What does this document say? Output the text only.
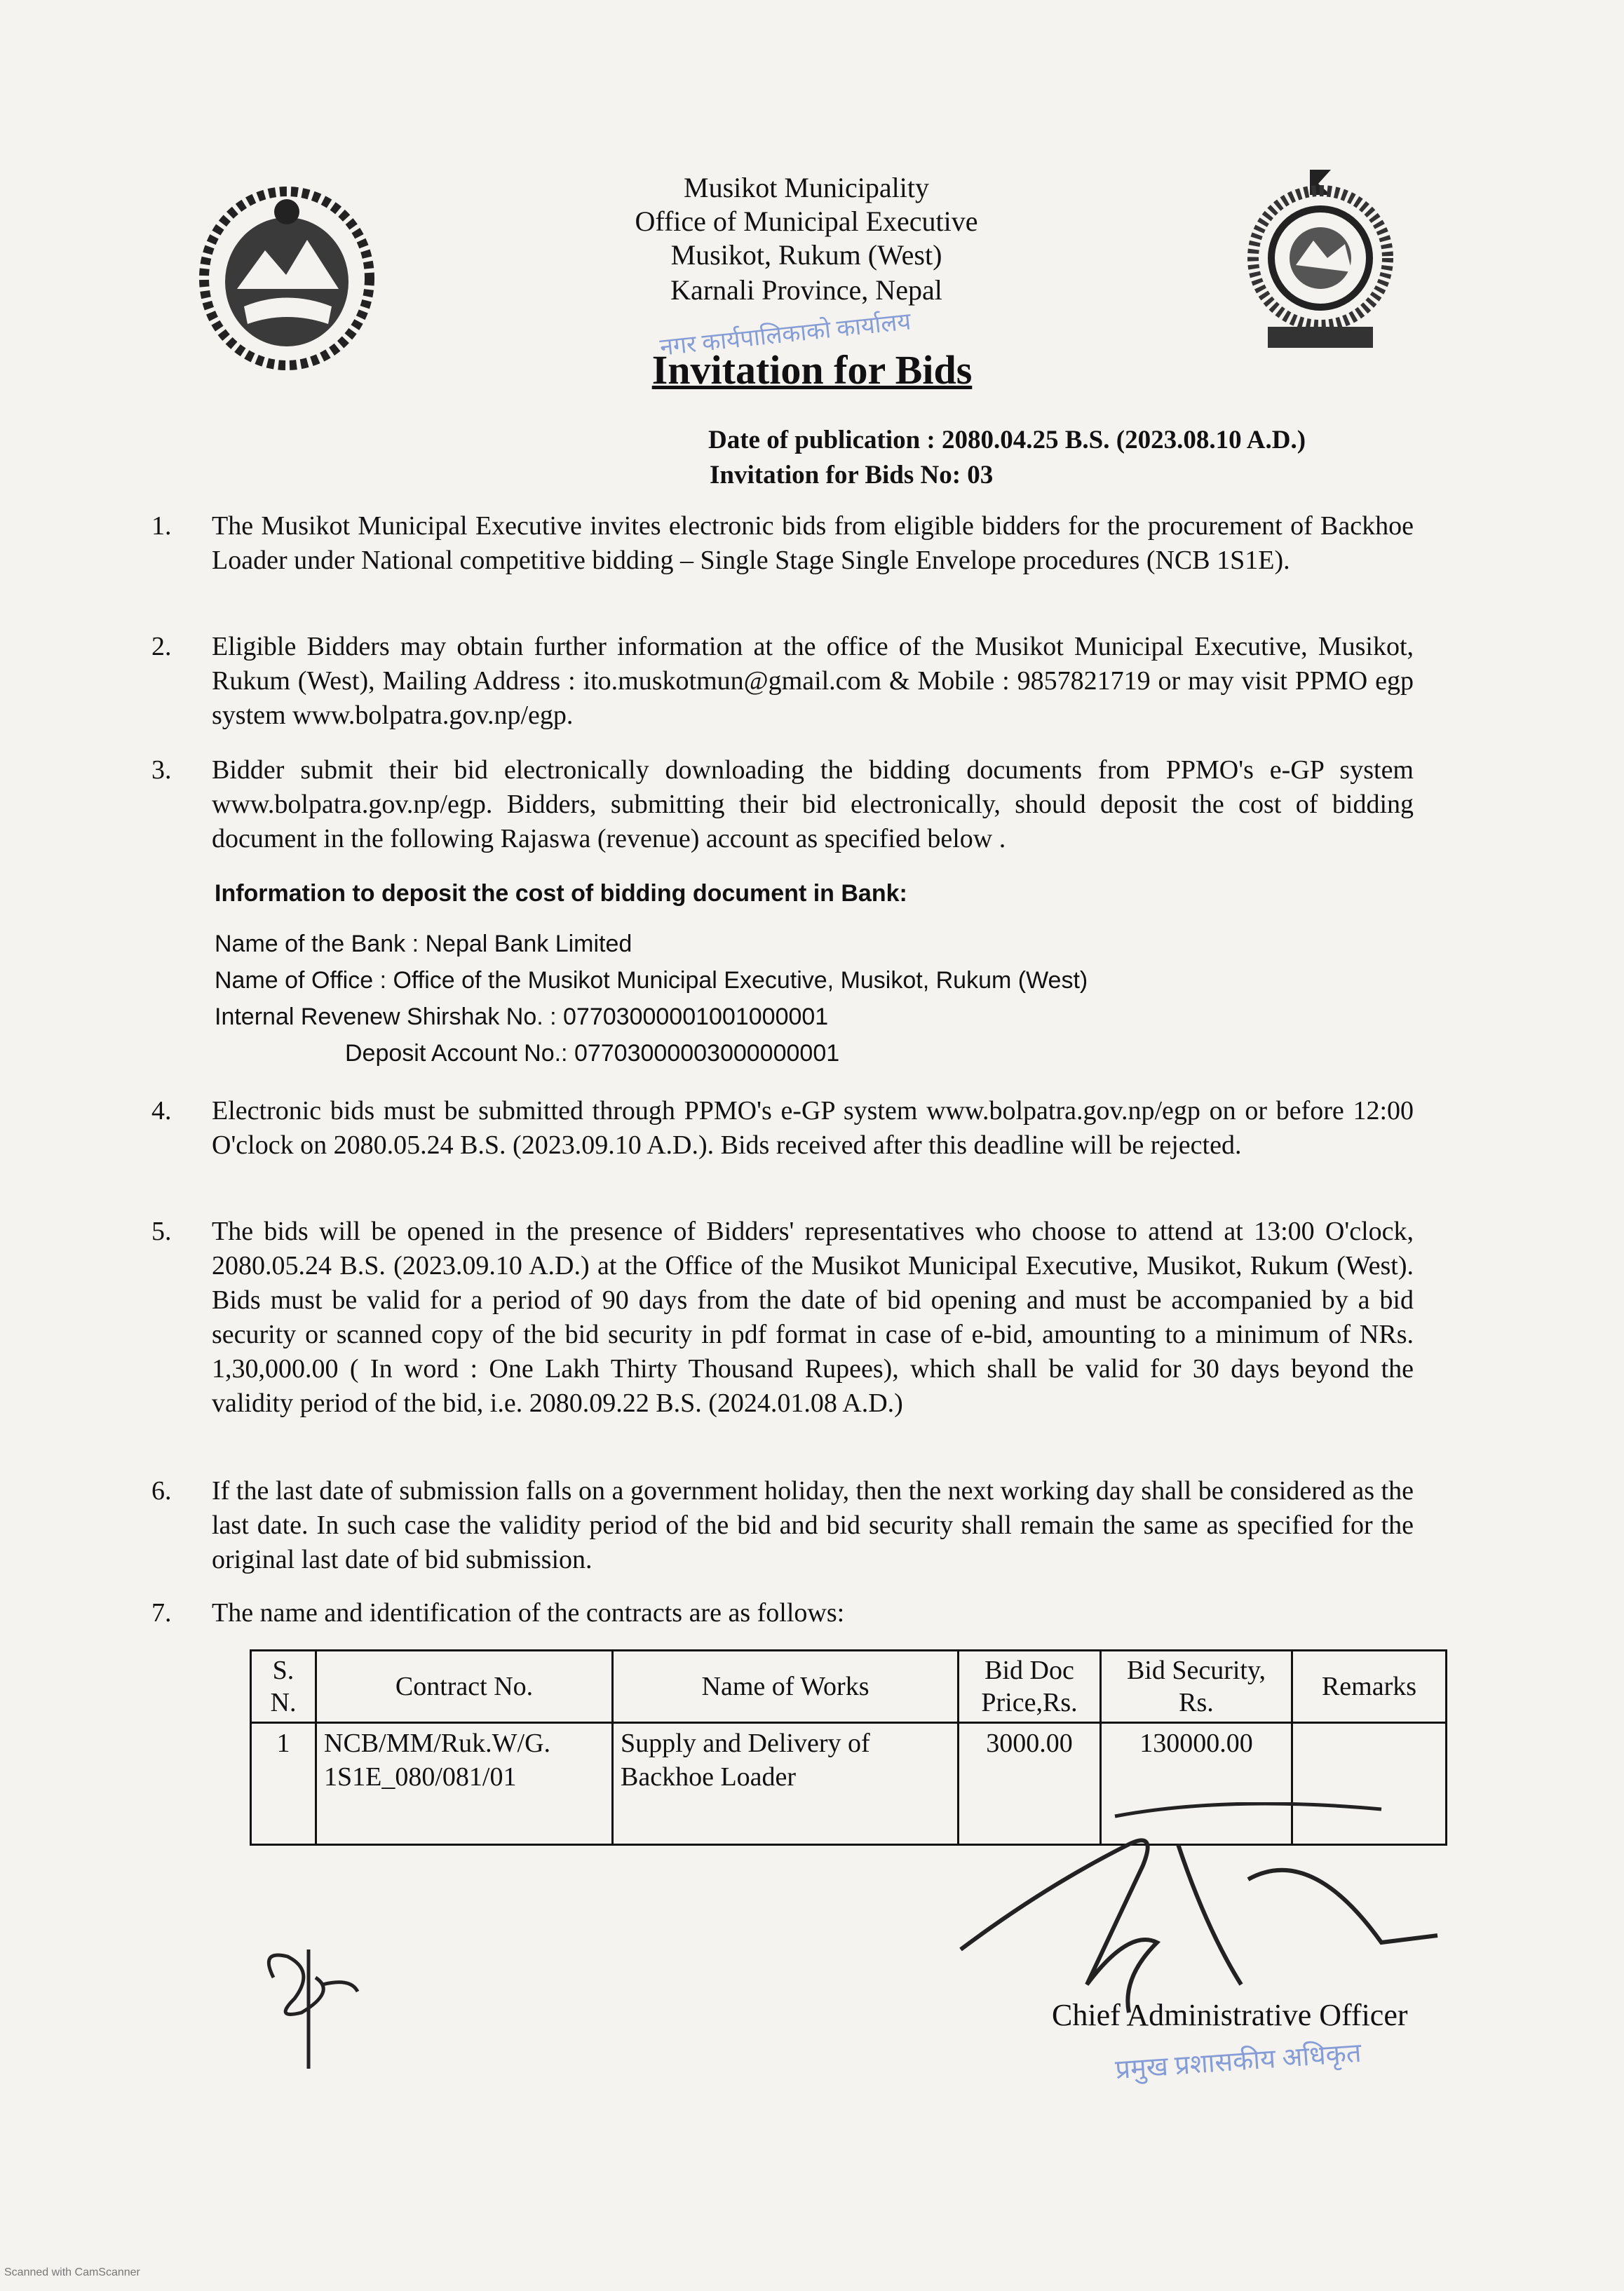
Musikot Municipality
Office of Municipal Executive
Musikot, Rukum (West)
Karnali Province, Nepal
नगर कार्यपालिकाको कार्यालय
Invitation for Bids
Date of publication : 2080.04.25 B.S. (2023.08.10 A.D.)
Invitation for Bids No: 03
1.	The Musikot Municipal Executive invites electronic bids from eligible bidders for the procurement of Backhoe Loader under National competitive bidding – Single Stage Single Envelope procedures (NCB 1S1E).
2.	Eligible Bidders may obtain further information at the office of the Musikot Municipal Executive, Musikot, Rukum (West), Mailing Address : ito.muskotmun@gmail.com & Mobile : 9857821719 or may visit PPMO egp system www.bolpatra.gov.np/egp.
3.	Bidder submit their bid electronically downloading the bidding documents from PPMO's e-GP system www.bolpatra.gov.np/egp. Bidders, submitting their bid electronically, should deposit the cost of bidding document in the following Rajaswa (revenue) account as specified below .
Information to deposit the cost of bidding document in Bank:
Name of the Bank : Nepal Bank Limited
Name of Office : Office of the Musikot Municipal Executive, Musikot, Rukum (West)
Internal Revenew Shirshak No. : 07703000001001000001
Deposit Account No.: 07703000003000000001
4.	Electronic bids must be submitted through PPMO's e-GP system www.bolpatra.gov.np/egp on or before 12:00 O'clock on 2080.05.24 B.S. (2023.09.10 A.D.). Bids received after this deadline will be rejected.
5.	The bids will be opened in the presence of Bidders' representatives who choose to attend at 13:00 O'clock, 2080.05.24 B.S. (2023.09.10 A.D.) at the Office of the Musikot Municipal Executive, Musikot, Rukum (West). Bids must be valid for a period of 90 days from the date of bid opening and must be accompanied by a bid security or scanned copy of the bid security in pdf format in case of e-bid, amounting to a minimum of NRs. 1,30,000.00 ( In word : One Lakh Thirty Thousand Rupees), which shall be valid for 30 days beyond the validity period of the bid, i.e. 2080.09.22 B.S. (2024.01.08 A.D.)
6.	If the last date of submission falls on a government holiday, then the next working day shall be considered as the last date. In such case the validity period of the bid and bid security shall remain the same as specified for the original last date of bid submission.
7.	The name and identification of the contracts are as follows:
S. N.	Contract No.	Name of Works	Bid Doc Price,Rs.	Bid Security, Rs.	Remarks
1	NCB/MM/Ruk.W/G. 1S1E_080/081/01	Supply and Delivery of Backhoe Loader	3000.00	130000.00	
Chief Administrative Officer
प्रमुख प्रशासकीय अधिकृत
Scanned with CamScanner
